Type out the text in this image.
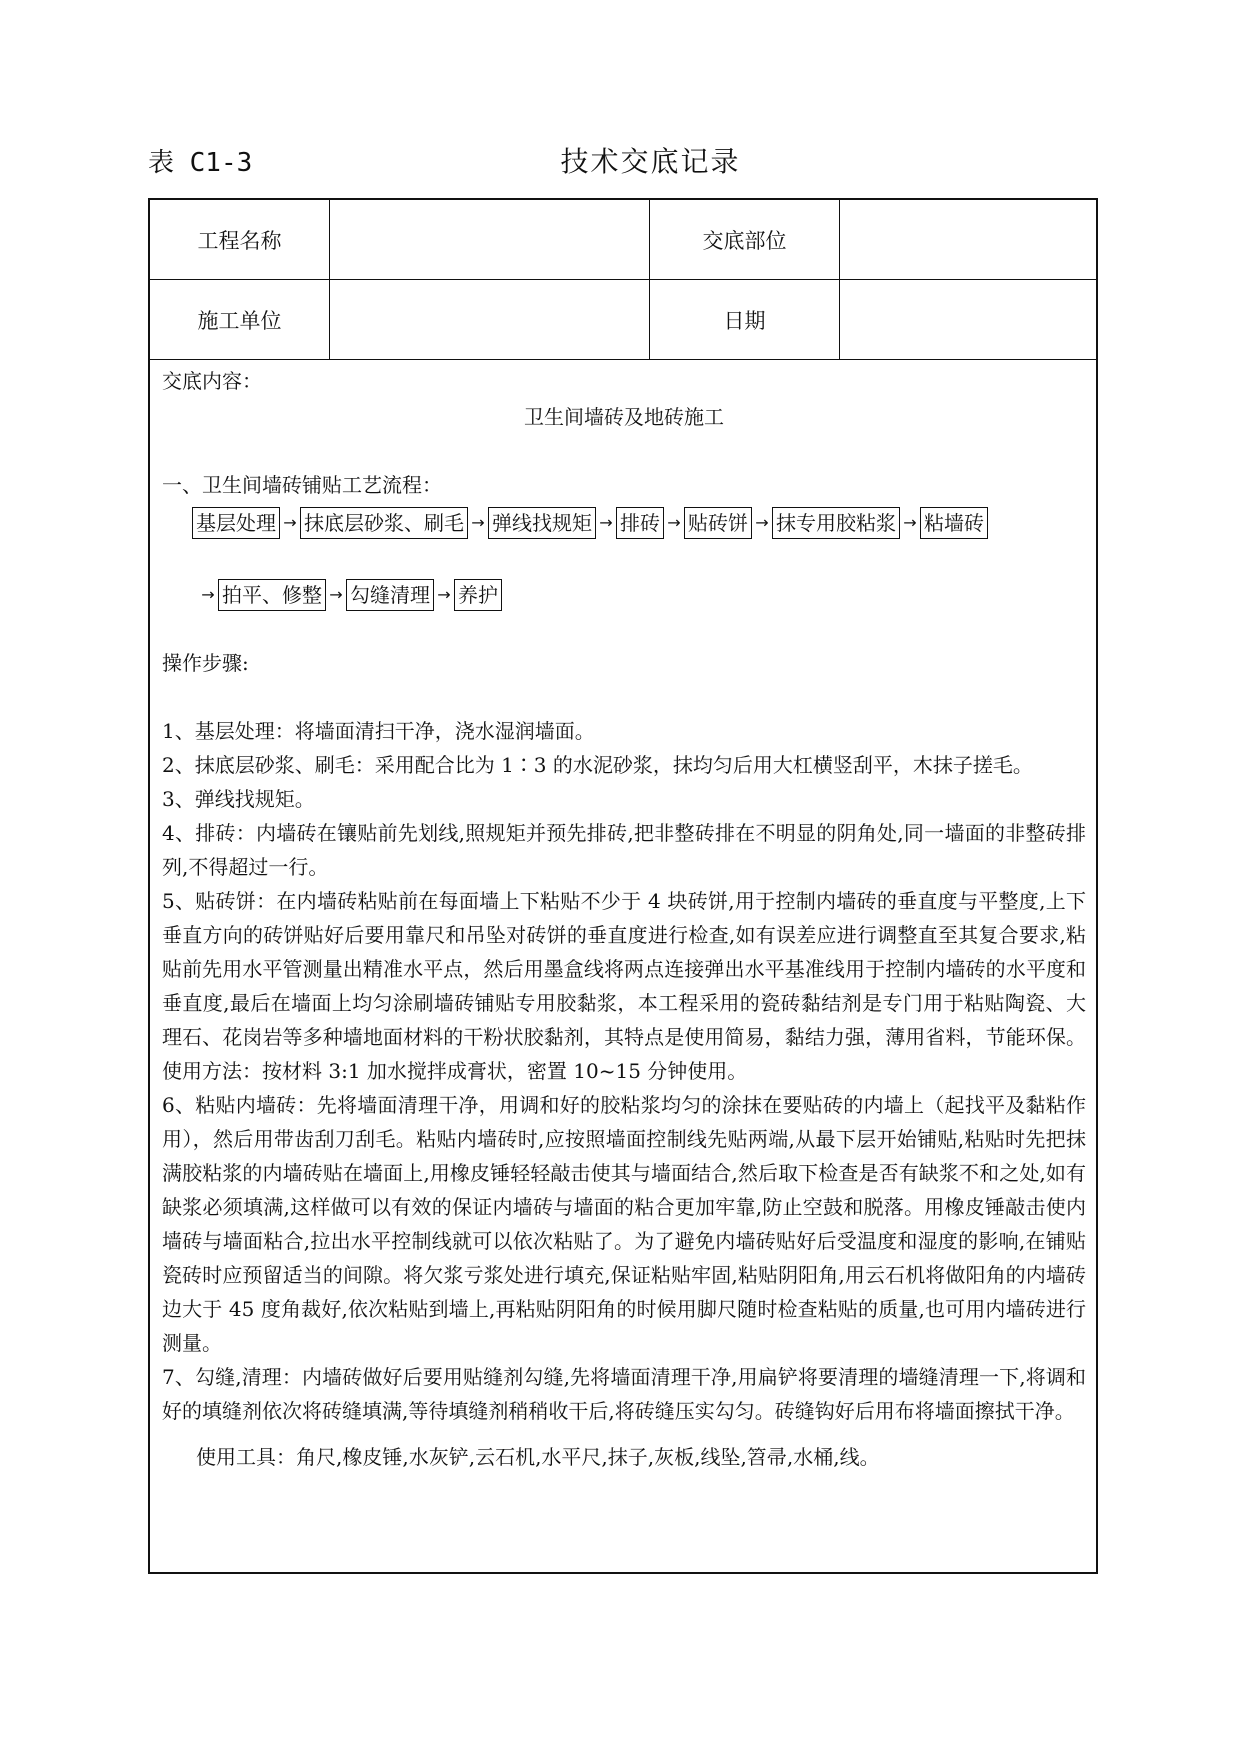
表 C1-3	技术交底记录
工程名称	交底部位
施工单位	日期

交底内容：

卫生间墙砖及地砖施工

一、卫生间墙砖铺贴工艺流程：

基层处理 → 抹底层砂浆、刷毛 → 弹线找规矩 → 排砖 → 贴砖饼 → 抹专用胶粘浆 → 粘墙砖
→ 拍平、修整 → 勾缝清理 → 养护

操作步骤:

1、基层处理：将墙面清扫干净，浇水湿润墙面。

2、抹底层砂浆、刷毛：采用配合比为 1∶3 的水泥砂浆，抹均匀后用大杠横竖刮平，木抹子搓毛。

3、弹线找规矩。

4、排砖：内墙砖在镶贴前先划线,照规矩并预先排砖,把非整砖排在不明显的阴角处,同一墙面的非整砖排列,不得超过一行。

5、贴砖饼：在内墙砖粘贴前在每面墙上下粘贴不少于 4 块砖饼,用于控制内墙砖的垂直度与平整度,上下垂直方向的砖饼贴好后要用靠尺和吊坠对砖饼的垂直度进行检查,如有误差应进行调整直至其复合要求,粘贴前先用水平管测量出精准水平点，然后用墨盒线将两点连接弹出水平基准线用于控制内墙砖的水平度和垂直度,最后在墙面上均匀涂刷墙砖铺贴专用胶黏浆，本工程采用的瓷砖黏结剂是专门用于粘贴陶瓷、大理石、花岗岩等多种墙地面材料的干粉状胶黏剂，其特点是使用简易，黏结力强，薄用省料，节能环保。使用方法：按材料 3:1 加水搅拌成膏状，密置 10~15 分钟使用。

6、粘贴内墙砖：先将墙面清理干净，用调和好的胶粘浆均匀的涂抹在要贴砖的内墙上（起找平及黏粘作用），然后用带齿刮刀刮毛。粘贴内墙砖时,应按照墙面控制线先贴两端,从最下层开始铺贴,粘贴时先把抹满胶粘浆的内墙砖贴在墙面上,用橡皮锤轻轻敲击使其与墙面结合,然后取下检查是否有缺浆不和之处,如有缺浆必须填满,这样做可以有效的保证内墙砖与墙面的粘合更加牢靠,防止空鼓和脱落。用橡皮锤敲击使内墙砖与墙面粘合,拉出水平控制线就可以依次粘贴了。为了避免内墙砖贴好后受温度和湿度的影响,在铺贴瓷砖时应预留适当的间隙。将欠浆亏浆处进行填充,保证粘贴牢固,粘贴阴阳角,用云石机将做阳角的内墙砖边大于 45 度角裁好,依次粘贴到墙上,再粘贴阴阳角的时候用脚尺随时检查粘贴的质量,也可用内墙砖进行测量。

7、勾缝,清理：内墙砖做好后要用贴缝剂勾缝,先将墙面清理干净,用扁铲将要清理的墙缝清理一下,将调和好的填缝剂依次将砖缝填满,等待填缝剂稍稍收干后,将砖缝压实勾匀。砖缝钩好后用布将墙面擦拭干净。

使用工具：角尺,橡皮锤,水灰铲,云石机,水平尺,抹子,灰板,线坠,笤帚,水桶,线。
